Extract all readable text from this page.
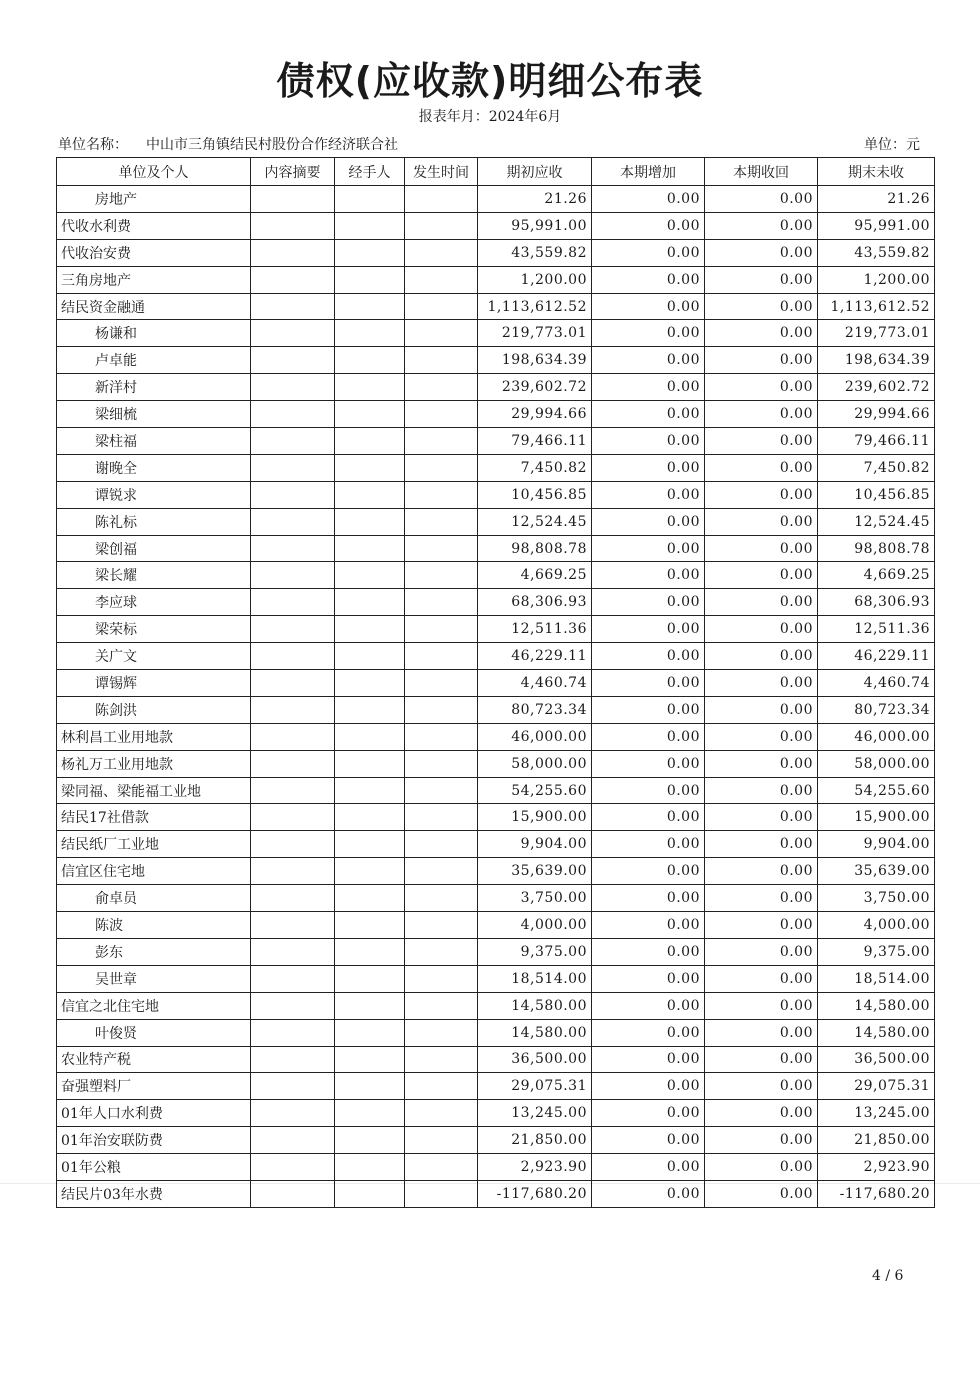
债权(应收款)明细公布表
报表年月：2024年6月
单位名称： 中山市三角镇结民村股份合作经济联合社	单位：元
单位及个人	内容摘要	经手人	发生时间	期初应收	本期增加	本期收回	期末未收
房地产				21.26	0.00	0.00	21.26
代收水利费				95,991.00	0.00	0.00	95,991.00
代收治安费				43,559.82	0.00	0.00	43,559.82
三角房地产				1,200.00	0.00	0.00	1,200.00
结民资金融通				1,113,612.52	0.00	0.00	1,113,612.52
杨谦和				219,773.01	0.00	0.00	219,773.01
卢卓能				198,634.39	0.00	0.00	198,634.39
新洋村				239,602.72	0.00	0.00	239,602.72
梁细梳				29,994.66	0.00	0.00	29,994.66
梁柱福				79,466.11	0.00	0.00	79,466.11
谢晚全				7,450.82	0.00	0.00	7,450.82
谭锐求				10,456.85	0.00	0.00	10,456.85
陈礼标				12,524.45	0.00	0.00	12,524.45
梁创福				98,808.78	0.00	0.00	98,808.78
梁长耀				4,669.25	0.00	0.00	4,669.25
李应球				68,306.93	0.00	0.00	68,306.93
梁荣标				12,511.36	0.00	0.00	12,511.36
关广文				46,229.11	0.00	0.00	46,229.11
谭锡辉				4,460.74	0.00	0.00	4,460.74
陈剑洪				80,723.34	0.00	0.00	80,723.34
林利昌工业用地款				46,000.00	0.00	0.00	46,000.00
杨礼万工业用地款				58,000.00	0.00	0.00	58,000.00
梁同福、梁能福工业地				54,255.60	0.00	0.00	54,255.60
结民17社借款				15,900.00	0.00	0.00	15,900.00
结民纸厂工业地				9,904.00	0.00	0.00	9,904.00
信宜区住宅地				35,639.00	0.00	0.00	35,639.00
俞卓员				3,750.00	0.00	0.00	3,750.00
陈波				4,000.00	0.00	0.00	4,000.00
彭东				9,375.00	0.00	0.00	9,375.00
吴世章				18,514.00	0.00	0.00	18,514.00
信宜之北住宅地				14,580.00	0.00	0.00	14,580.00
叶俊贤				14,580.00	0.00	0.00	14,580.00
农业特产税				36,500.00	0.00	0.00	36,500.00
奋强塑料厂				29,075.31	0.00	0.00	29,075.31
01年人口水利费				13,245.00	0.00	0.00	13,245.00
01年治安联防费				21,850.00	0.00	0.00	21,850.00
01年公粮				2,923.90	0.00	0.00	2,923.90
结民片03年水费				-117,680.20	0.00	0.00	-117,680.20
4 / 6
